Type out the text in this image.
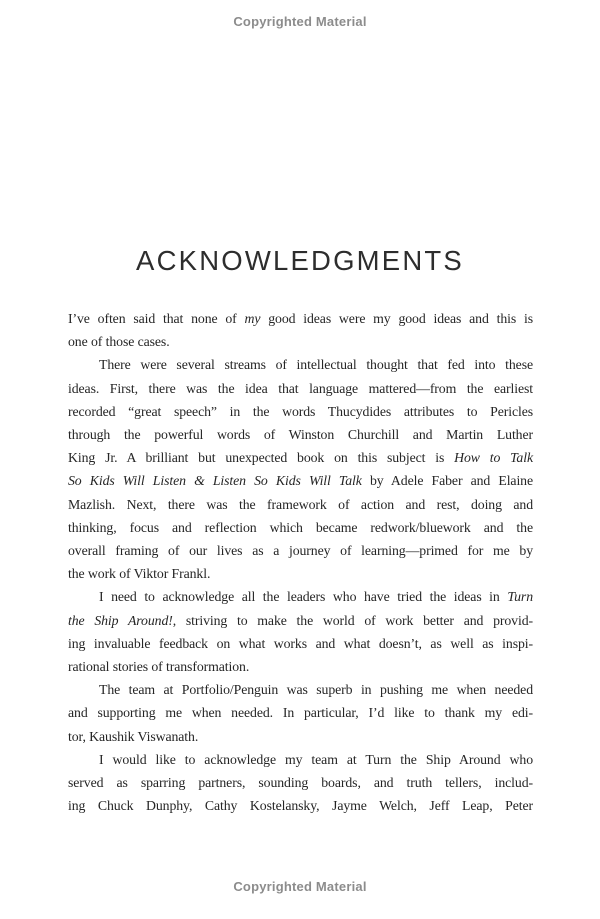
Copyrighted Material
ACKNOWLEDGMENTS
I’ve often said that none of my good ideas were my good ideas and this is
one of those cases.
There were several streams of intellectual thought that fed into these
ideas. First, there was the idea that language mattered—from the earliest
recorded “great speech” in the words Thucydides attributes to Pericles
through the powerful words of Winston Churchill and Martin Luther
King Jr. A brilliant but unexpected book on this subject is How to Talk
So Kids Will Listen & Listen So Kids Will Talk by Adele Faber and Elaine
Mazlish. Next, there was the framework of action and rest, doing and
thinking, focus and reflection which became redwork/bluework and the
overall framing of our lives as a journey of learning—primed for me by
the work of Viktor Frankl.
I need to acknowledge all the leaders who have tried the ideas in Turn
the Ship Around!, striving to make the world of work better and provid-
ing invaluable feedback on what works and what doesn’t, as well as inspi-
rational stories of transformation.
The team at Portfolio/Penguin was superb in pushing me when needed
and supporting me when needed. In particular, I’d like to thank my edi-
tor, Kaushik Viswanath.
I would like to acknowledge my team at Turn the Ship Around who
served as sparring partners, sounding boards, and truth tellers, includ-
ing Chuck Dunphy, Cathy Kostelansky, Jayme Welch, Jeff Leap, Peter
Copyrighted Material
